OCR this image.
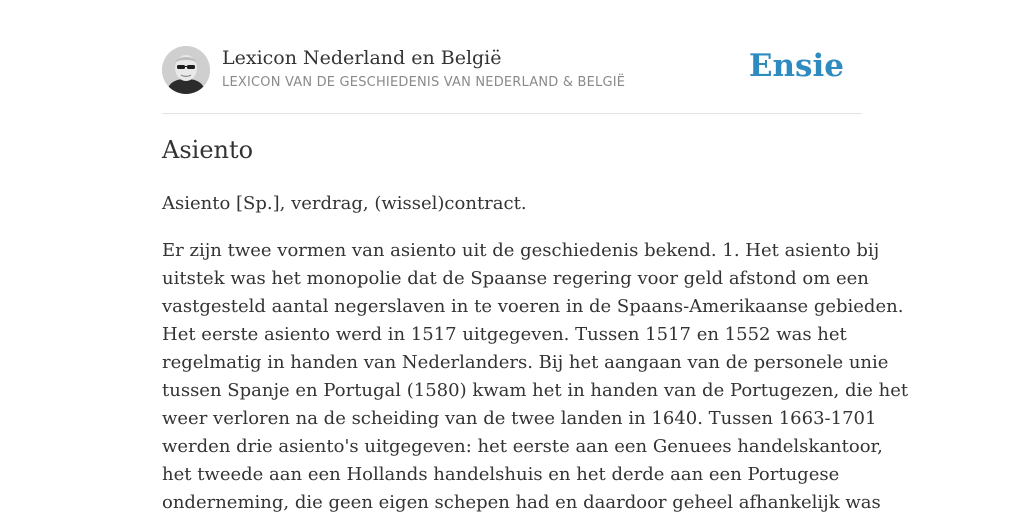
Lexicon Nederland en België
LEXICON VAN DE GESCHIEDENIS VAN NEDERLAND & BELGIË	Ensie
Asiento

Asiento [Sp.], verdrag, (wissel)contract.

Er zijn twee vormen van asiento uit de geschiedenis bekend. 1. Het asiento bij
uitstek was het monopolie dat de Spaanse regering voor geld afstond om een
vastgesteld aantal negerslaven in te voeren in de Spaans-Amerikaanse gebieden.
Het eerste asiento werd in 1517 uitgegeven. Tussen 1517 en 1552 was het
regelmatig in handen van Nederlanders. Bij het aangaan van de personele unie
tussen Spanje en Portugal (1580) kwam het in handen van de Portugezen, die het
weer verloren na de scheiding van de twee landen in 1640. Tussen 1663-1701
werden drie asiento's uitgegeven: het eerste aan een Genuees handelskantoor,
het tweede aan een Hollands handelshuis en het derde aan een Portugese
onderneming, die geen eigen schepen had en daardoor geheel afhankelijk was
